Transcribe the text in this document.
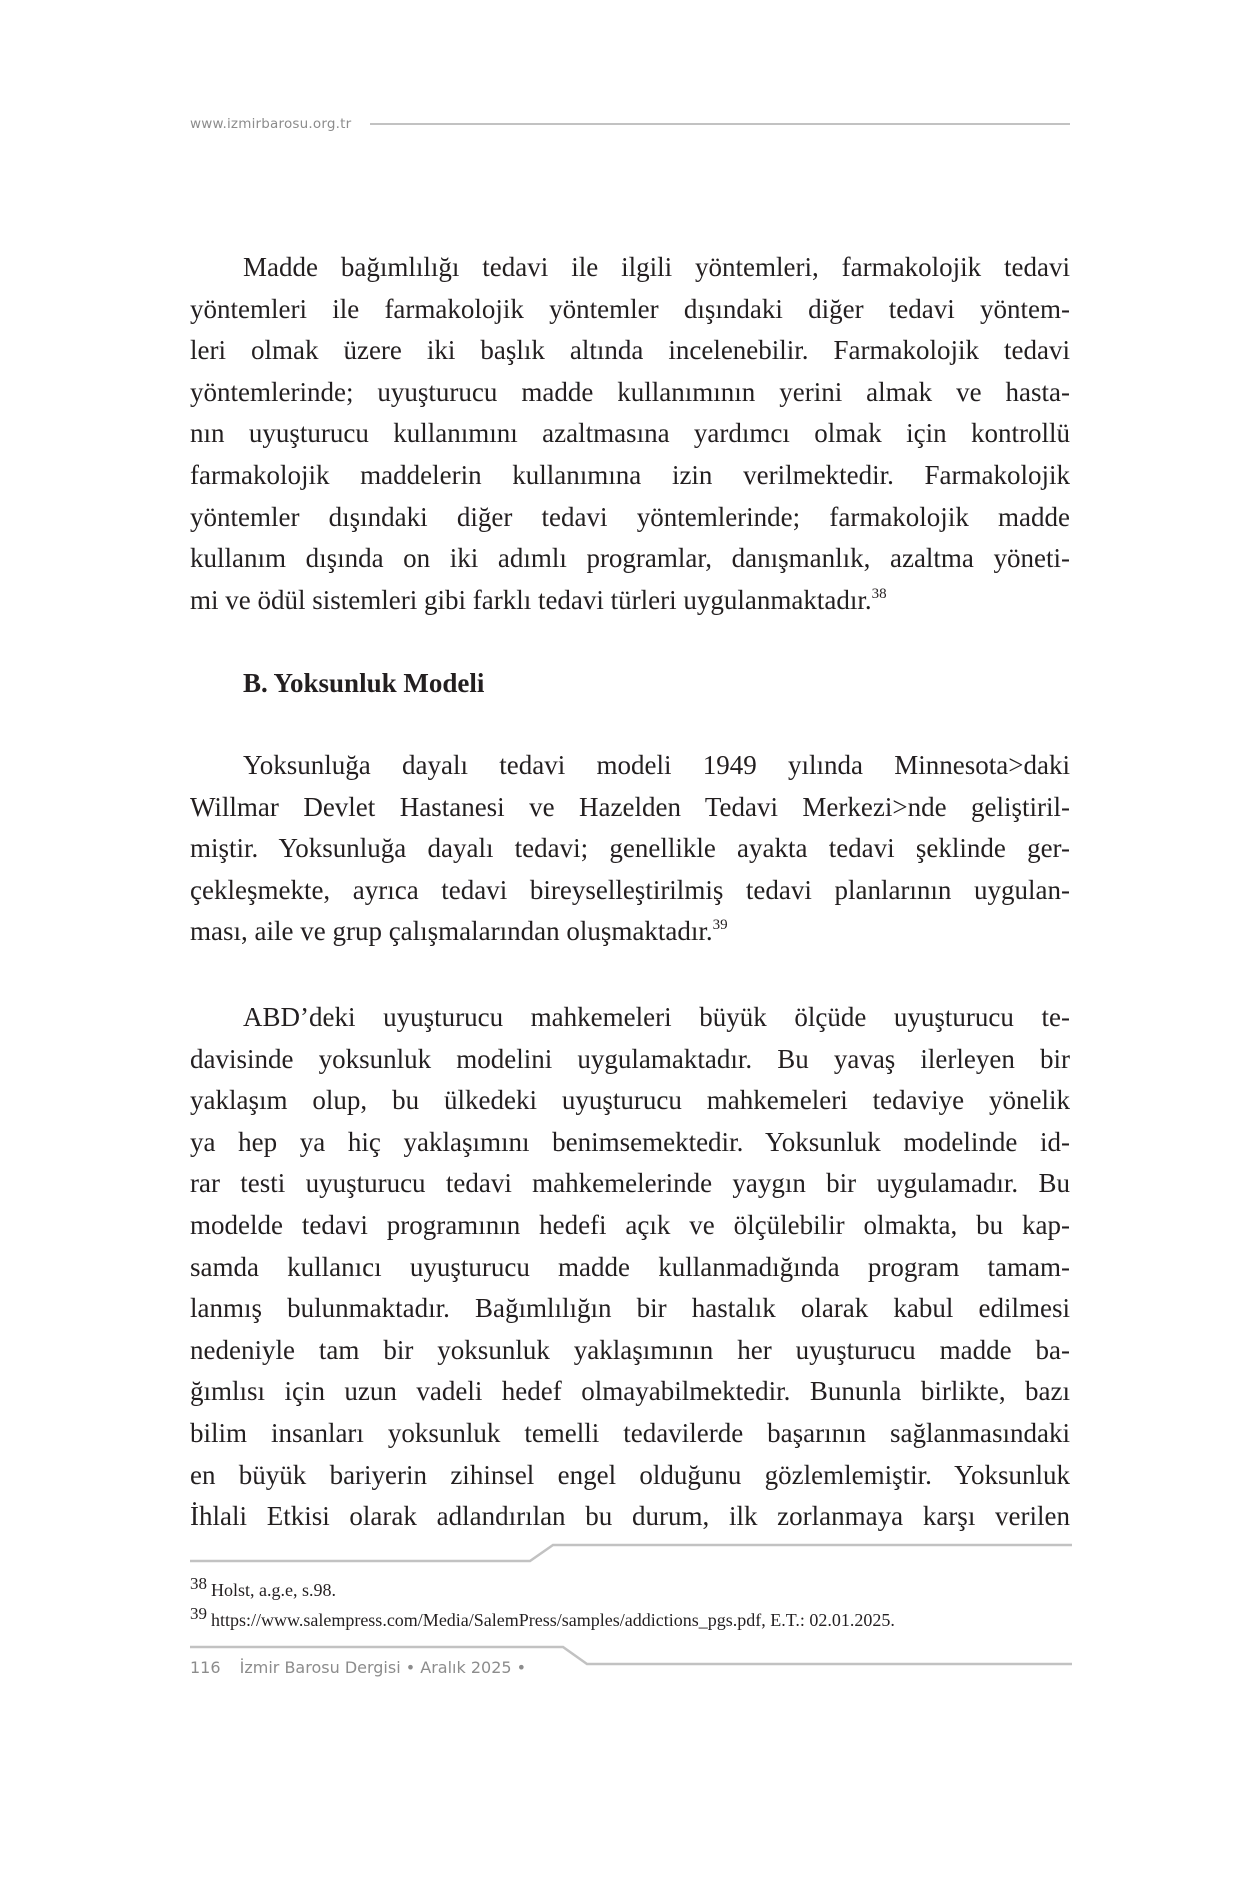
www.izmirbarosu.org.tr
Madde bağımlılığı tedavi ile ilgili yöntemleri, farmakolojik tedavi
yöntemleri ile farmakolojik yöntemler dışındaki diğer tedavi yöntem-
leri olmak üzere iki başlık altında incelenebilir. Farmakolojik tedavi
yöntemlerinde; uyuşturucu madde kullanımının yerini almak ve hasta-
nın uyuşturucu kullanımını azaltmasına yardımcı olmak için kontrollü
farmakolojik maddelerin kullanımına izin verilmektedir. Farmakolojik
yöntemler dışındaki diğer tedavi yöntemlerinde; farmakolojik madde
kullanım dışında on iki adımlı programlar, danışmanlık, azaltma yöneti-
mi ve ödül sistemleri gibi farklı tedavi türleri uygulanmaktadır.$^{38}$
B. Yoksunluk Modeli
Yoksunluğa dayalı tedavi modeli 1949 yılında Minnesota>daki
Willmar Devlet Hastanesi ve Hazelden Tedavi Merkezi>nde geliştiril-
miştir. Yoksunluğa dayalı tedavi; genellikle ayakta tedavi şeklinde ger-
çekleşmekte, ayrıca tedavi bireyselleştirilmiş tedavi planlarının uygulan-
ması, aile ve grup çalışmalarından oluşmaktadır.$^{39}$
ABD’deki uyuşturucu mahkemeleri büyük ölçüde uyuşturucu te-
davisinde yoksunluk modelini uygulamaktadır. Bu yavaş ilerleyen bir
yaklaşım olup, bu ülkedeki uyuşturucu mahkemeleri tedaviye yönelik
ya hep ya hiç yaklaşımını benimsemektedir. Yoksunluk modelinde id-
rar testi uyuşturucu tedavi mahkemelerinde yaygın bir uygulamadır. Bu
modelde tedavi programının hedefi açık ve ölçülebilir olmakta, bu kap-
samda kullanıcı uyuşturucu madde kullanmadığında program tamam-
lanmış bulunmaktadır. Bağımlılığın bir hastalık olarak kabul edilmesi
nedeniyle tam bir yoksunluk yaklaşımının her uyuşturucu madde ba-
ğımlısı için uzun vadeli hedef olmayabilmektedir. Bununla birlikte, bazı
bilim insanları yoksunluk temelli tedavilerde başarının sağlanmasındaki
en büyük bariyerin zihinsel engel olduğunu gözlemlemiştir. Yoksunluk
İhlali Etkisi olarak adlandırılan bu durum, ilk zorlanmaya karşı verilen
38 Holst, a.g.e, s.98.
39 https://www.salempress.com/Media/SalemPress/samples/addictions_pgs.pdf, E.T.: 02.01.2025.
116 İzmir Barosu Dergisi • Aralık 2025 •
